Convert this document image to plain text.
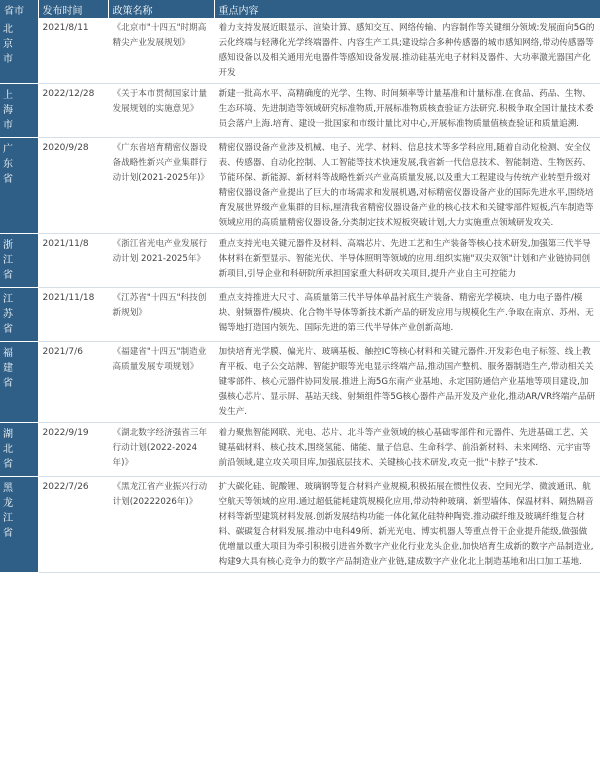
省市	发布时间	政策名称	重点内容
北京市	2021/8/11	《北京市"十四五"时期高精尖产业发展规划》	着力支持发展近眼显示、渲染计算、感知交互、网络传输、内容制作等关键细分领域:发展面向5G的云化终端与轻薄化光学终端器件、内容生产工具;建设综合多种传感器的城市感知网络,带动传感器等感知设备以及相关通用光电器件等感知设备发展.推动硅基光电子材料及器件、大功率激光器国产化开发
上海市	2022/12/28	《关于本市贯彻国家计量发展规划的实施意见》	新建一批高水平、高精确度的光学、生物、时间频率等计量基准和计量标准.在食品、药品、生物、生态环境、先进制造等领域研究标准物质,开展标准物质核查验证方法研究.积极争取全国计量技术委员会落户上海.培育、建设一批国家和市级计量比对中心,开展标准物质量值核查验证和质量追溯.
广东省	2020/9/28	《广东省培育精密仪器设备战略性新兴产业集群行动计划(2021-2025年)》	精密仪器设备产业涉及机械、电子、光学、材料、信息技术等多学科应用,随着自动化检测、安全仪表、传感器、自动化控制、人工智能等技术快速发展,我省新一代信息技术、智能制造、生物医药、节能环保、新能源、新材料等战略性新兴产业高质量发展,以及重大工程建设与传统产业转型升级对精密仪器设备产业提出了巨大的市场需求和发展机遇,对标精密仪器设备产业的国际先进水平,围绕培育发展世界级产业集群的目标,厘清我省精密仪器设备产业的核心技术和关键零部件短板,汽车制造等领域应用的高质量精密仪器设备,分类制定技术短板突破计划,大力实施重点领域研发攻关.
浙江省	2021/11/8	《浙江省光电产业发展行动计划 2021-2025年》	重点支持光电关键元器件及材料、高端芯片、先进工艺和生产装备等核心技术研发,加强第三代半导体材料在新型显示、智能光伏、半导体照明等领域的应用.组织实施"双尖双领"计划和产业链协同创新项目,引导企业和科研院所承担国家重大科研攻关项目,提升产业自主可控能力
江苏省	2021/11/18	《江苏省"十四五"科技创新规划》	重点支持推进大尺寸、高质量第三代半导体单晶衬底生产装备、精密光学模块、电力电子器件/模块、射频器件/模块、化合物半导体等新技术新产品的研发应用与规模化生产.争取在南京、苏州、无锡等地打造国内领先、国际先进的第三代半导体产业创新高地.
福建省	2021/7/6	《福建省"十四五"制造业高质量发展专项规划》	加快培育光学膜、偏光片、玻璃基板、触控IC等核心材料和关键元器件.开发彩色电子标签、线上教育平板、电子公交站牌、智能护眼等光电显示终端产品,推动国产整机、服务器制造生产,带动相关关键零部件、核心元器件协同发展.推进上海5G东南产业基地、永定国防通信产业基地等项目建设,加强核心芯片、显示屏、基站天线、射频组件等5G核心器件产品开发及产业化,推动AR/VR终端产品研发生产.
湖北省	2022/9/19	《湖北数字经济强省三年行动计划(2022-2024年)》	着力聚焦智能网联、光电、芯片、北斗等产业领域的核心基础零部件和元器件、先进基础工艺、关键基础材料、核心技术,围绕氢能、储能、量子信息、生命科学、前沿新材料、未来网络、元宇宙等前沿领域,建立攻关项目库,加强底层技术、关键核心技术研发,攻克一批"卡脖子"技术.
黑龙江省	2022/7/26	《黑龙江省产业振兴行动计划(20222026年)》	扩大碳化硅、铌酸锂、玻璃钢等复合材料产业规模,积极拓展在惯性仪表、空间光学、微波通讯、航空航天等领域的应用.通过超低能耗建筑规模化应用,带动特种玻璃、新型墙体、保温材料、隔热隔音材料等新型建筑材料发展.创新发展结构功能一体化氮化硅特种陶瓷.推动碳纤维及玻璃纤维复合材料、碳碳复合材料发展.推动中电科49所、新光光电、博实机器人等重点骨干企业提升能级,做强做优增量以重大项目为牵引积极引进省外数字产业化行业龙头企业,加快培育生成新的数字产品制造业,构建9大具有核心竞争力的数字产品制造业产业链,建成数字产业化北上制造基地和出口加工基地.
